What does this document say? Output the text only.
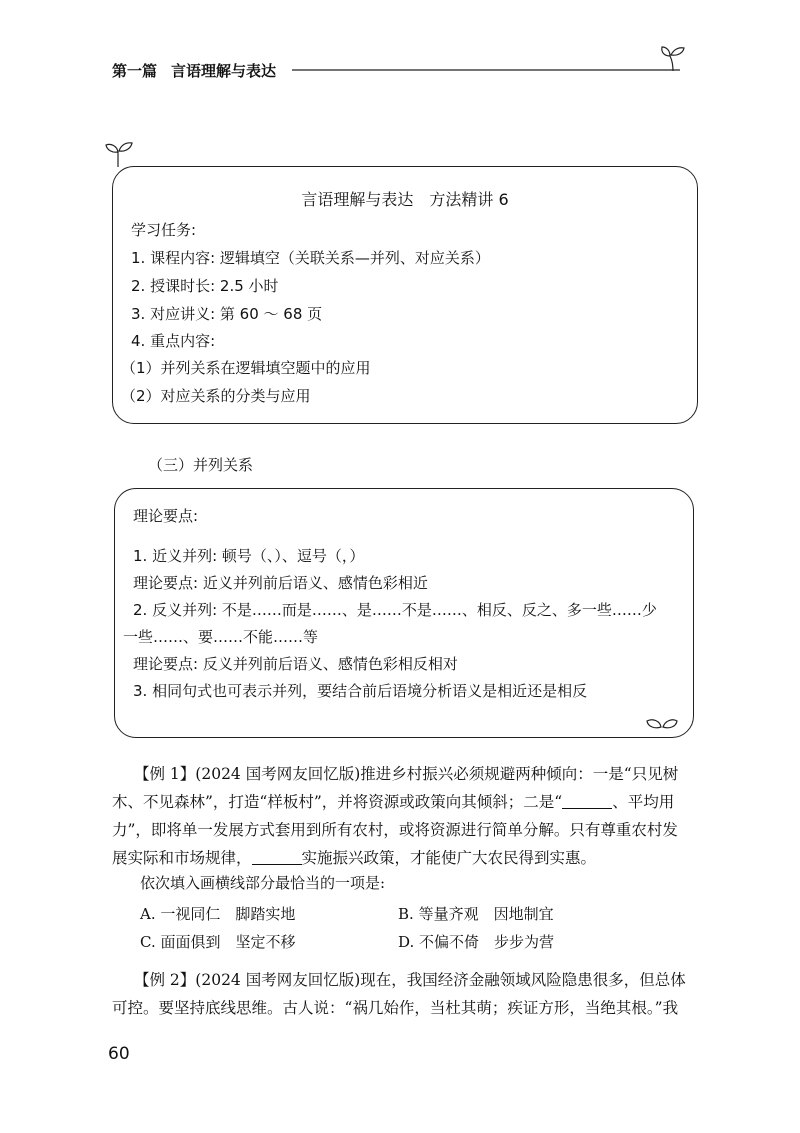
第一篇 言语理解与表达
言语理解与表达　方法精讲 6
学习任务:
1. 课程内容: 逻辑填空（关联关系—并列、对应关系）
2. 授课时长: 2.5 小时
3. 对应讲义: 第 60 ～ 68 页
4. 重点内容:
（1）并列关系在逻辑填空题中的应用
（2）对应关系的分类与应用
（三）并列关系
理论要点:
1. 近义并列: 顿号（、）、逗号（，）
理论要点: 近义并列前后语义、感情色彩相近
2. 反义并列: 不是……而是……、是……不是……、相反、反之、多一些……少
一些……、要……不能……等
理论要点: 反义并列前后语义、感情色彩相反相对
3. 相同句式也可表示并列，要结合前后语境分析语义是相近还是相反
【例 1】(2024 国考网友回忆版)推进乡村振兴必须规避两种倾向：一是“只见树
木、不见森林”，打造“样板村”，并将资源或政策向其倾斜；二是“	、平均用
力”，即将单一发展方式套用到所有农村，或将资源进行简单分解。只有尊重农村发
展实际和市场规律，	实施振兴政策，才能使广大农民得到实惠。
依次填入画横线部分最恰当的一项是:
A. 一视同仁　脚踏实地	B. 等量齐观　因地制宜
C. 面面俱到　坚定不移	D. 不偏不倚　步步为营
【例 2】(2024 国考网友回忆版)现在，我国经济金融领域风险隐患很多，但总体
可控。要坚持底线思维。古人说：“祸几始作，当杜其萌；疾证方形，当绝其根。”我
60
